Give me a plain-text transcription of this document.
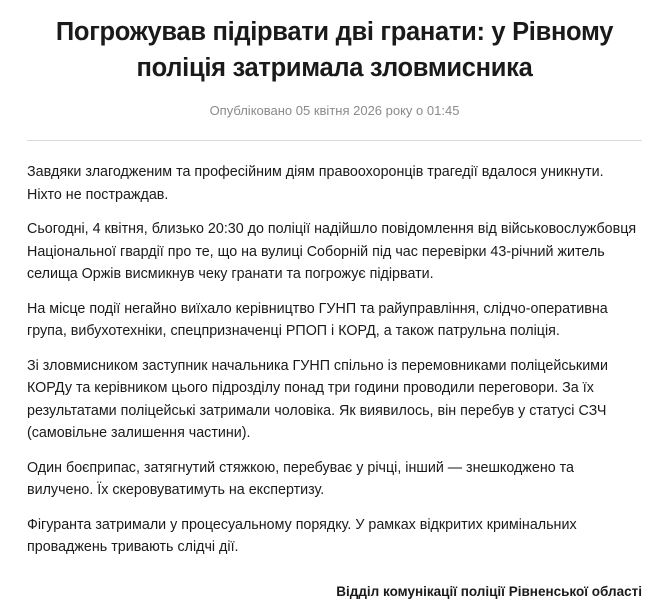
Погрожував підірвати дві гранати: у Рівному поліція затримала зловмисника
Опубліковано 05 квітня 2026 року о 01:45

Завдяки злагодженим та професійним діям правоохоронців трагедії вдалося уникнути. Ніхто не постраждав.

Сьогодні, 4 квітня, близько 20:30 до поліції надійшло повідомлення від військовослужбовця Національної гвардії про те, що на вулиці Соборній під час перевірки 43-річний житель селища Оржів висмикнув чеку гранати та погрожує підірвати.

На місце події негайно виїхало керівництво ГУНП та райуправління, слідчо-оперативна група, вибухотехніки, спецпризначенці РПОП і КОРД, а також патрульна поліція.

Зі зловмисником заступник начальника ГУНП спільно із перемовниками поліцейськими КОРДу та керівником цього підрозділу понад три години проводили переговори. За їх результатами поліцейські затримали чоловіка. Як виявилось, він перебув у статусі СЗЧ (самовільне залишення частини).

Один боєприпас, затягнутий стяжкою, перебуває у річці, інший — знешкоджено та вилучено. Їх скеровуватимуть на експертизу.

Фігуранта затримали у процесуальному порядку. У рамках відкритих кримінальних проваджень тривають слідчі дії.

Відділ комунікації поліції Рівненської області
